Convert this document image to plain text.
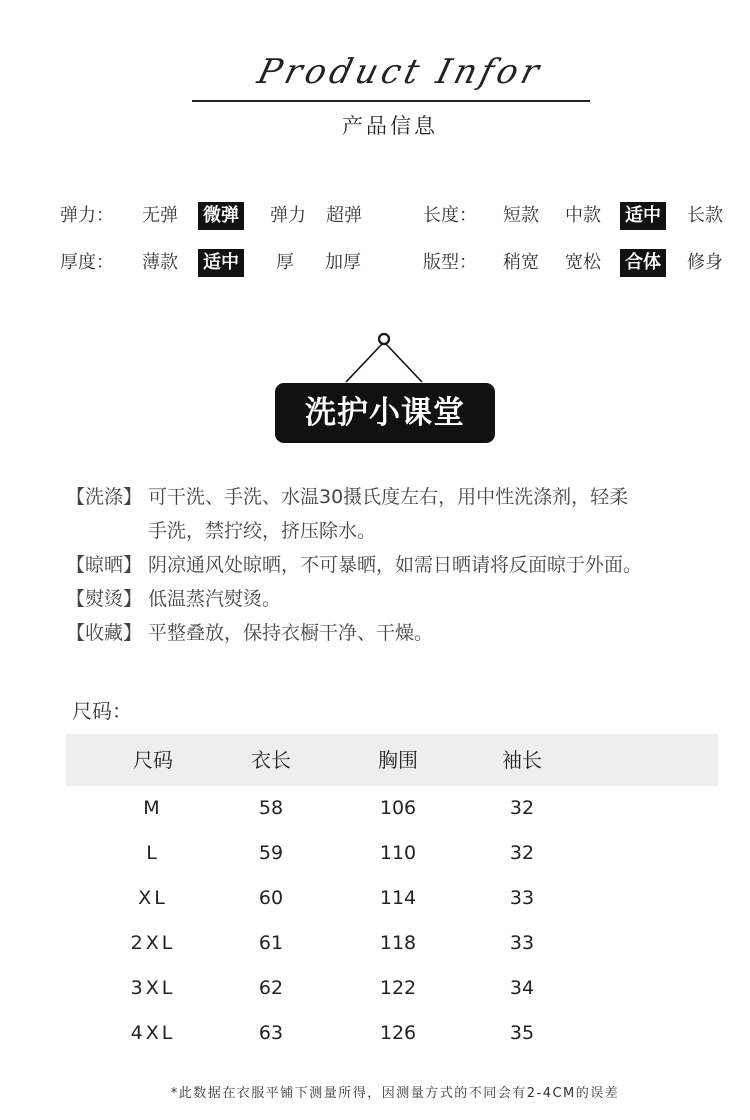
Product Infor
产品信息
弹力： 无弹 微弹 弹力 超弹	长度： 短款 中款 适中 长款
厚度： 薄款 适中 厚 加厚	版型： 稍宽 宽松 合体 修身
洗护小课堂
【洗涤】 可干洗、手洗、水温30摄氏度左右，用中性洗涤剂，轻柔
手洗，禁拧绞，挤压除水。
【晾晒】 阴凉通风处晾晒，不可暴晒，如需日晒请将反面晾于外面。
【熨烫】 低温蒸汽熨烫。
【收藏】 平整叠放，保持衣橱干净、干燥。
尺码：
尺码	衣长	胸围	袖长
M	58	106	32
L	59	110	32
XL	60	114	33
2XL	61	118	33
3XL	62	122	34
4XL	63	126	35
*此数据在衣服平铺下测量所得，因测量方式的不同会有2-4CM的误差
